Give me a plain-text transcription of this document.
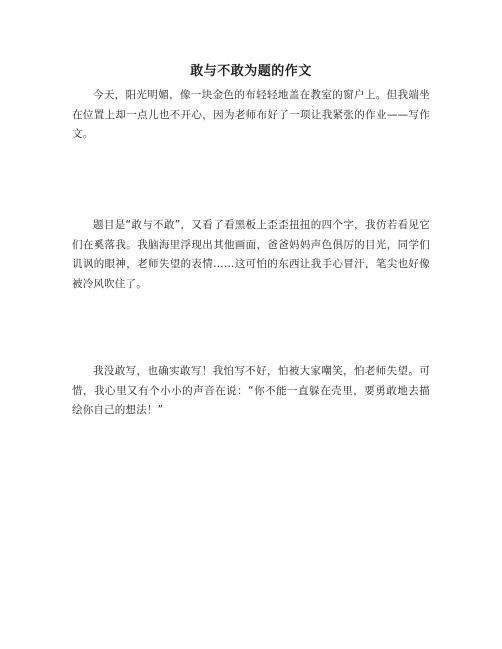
敢与不敢为题的作文

今天，阳光明媚，像一块金色的布轻轻地盖在教室的窗户上。但我端坐在位置上却一点儿也不开心，因为老师布好了一项让我紧张的作业——写作文。

题目是“敢与不敢”，又看了看黑板上歪歪扭扭的四个字，我仿若看见它们在奚落我。我脑海里浮现出其他画面，爸爸妈妈声色俱厉的目光，同学们讥讽的眼神，老师失望的表情……这可怕的东西让我手心冒汗，笔尖也好像被冷风吹住了。

我没敢写，也确实敢写！我怕写不好，怕被大家嘲笑，怕老师失望。可惜，我心里又有个小小的声音在说：“你不能一直躲在壳里，要勇敢地去描绘你自己的想法！”
